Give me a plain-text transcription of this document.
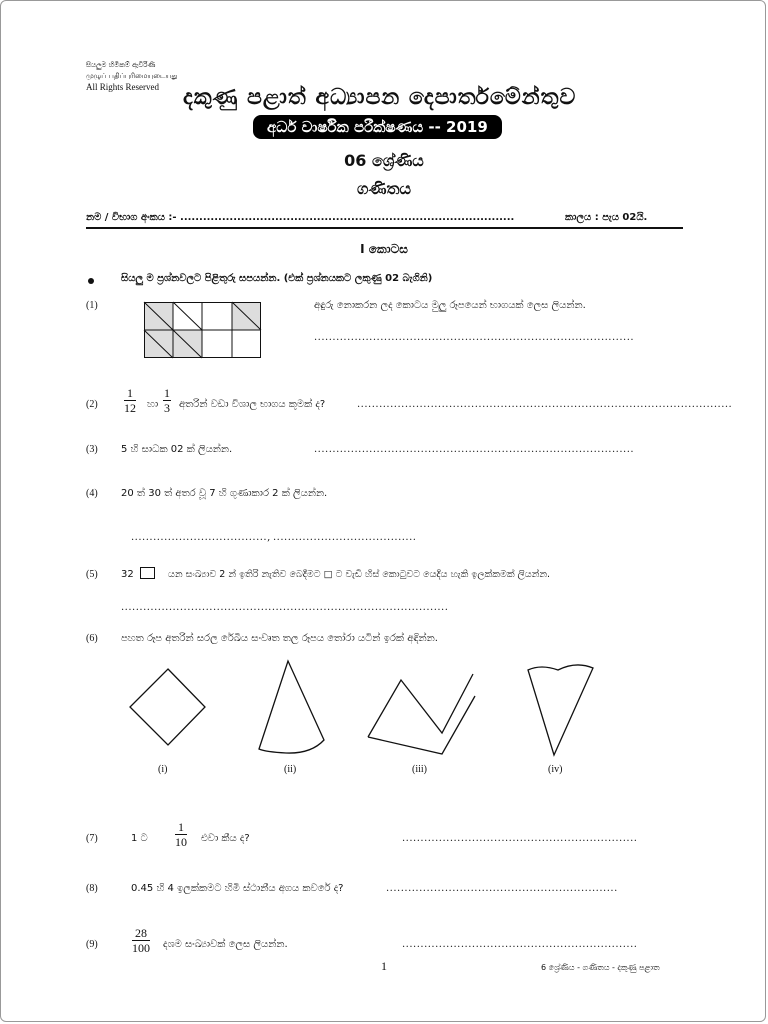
සියලුම හිමිකම් ඇවිරිණි
முழுப் பதிப்புரிமையுடையது
All Rights Reserved දකුණු පළාත් අධ්‍යාපන දෙපාර්තමේන්තුව
අර්ධ වාර්ෂික පරීක්ෂණය -- 2019
06 ශ්‍රේණිය
ගණිතය
නම / විභාග අංකය :- ........................................................................................	කාලය : පැය 02යි.
I කොටස
සියලු ම ප්‍රශ්නවලට පිළිතුරු සපයන්න. (එක් ප්‍රශ්නයකට ලකුණු 02 බැගිනි)
(1)	අඳුරු නොකරන ලද කොටය මුලු රූපයෙන් භාගයක් ලෙස ලියන්න.
.......................................................................................
$(2) \frac{1}{12}$ හා $\frac{1}{3}$ අතරින් වඩා විශාල භාගය කුමක් ද?	......................................................................................................
(3) 5 හි සාධක 02 ක් ලියන්න.	.......................................................................................
(4) 20 ත් 30 ත් අතර වූ 7 හි ගුණාකාර 2 ක් ලියන්න.
....................................., .......................................
(5) 32	යන සංඛ්‍යාව 2 න් ඉතිරි නැතිව බෙදීමට □ ට වැඩි හිස් කොටුවට යෙදිය හැකි ඉලක්කමක් ලියන්න.
.........................................................................................
(6) පහත රූප අතරින් සරල රේඛීය සංවෘත තල රූපය තෝරා යටින් ඉරක් අඳින්න.
(i)	(ii)	(iii)	(iv)
(7)	1 ට $\frac{1}{10}$ එවා කීය ද?	................................................................
(8)	0.45 හි 4 ඉලක්කමට හිමි ස්ථානීය අගය කවරේ ද?	...............................................................
(9)	$\frac{28}{100}$ දශම සංඛ්‍යාවක් ලෙස ලියන්න.	................................................................
1	6 ශ්‍රේණිය - ගණිතය - දකුණු පළාත
